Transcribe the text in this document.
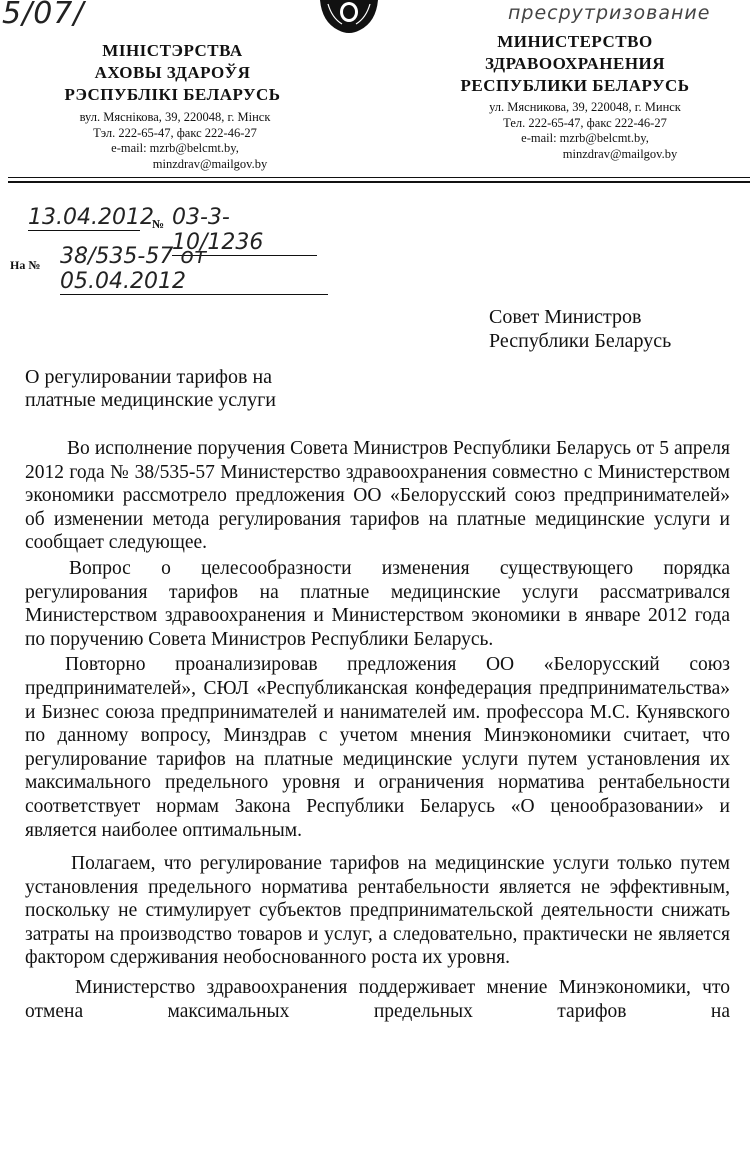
5/07/	пресрутризование
МІНІСТЭРСТВА
АХОВЫ ЗДАРОЎЯ
РЭСПУБЛІКІ БЕЛАРУСЬ
вул. Мяснікова, 39, 220048, г. Мінск
Тэл. 222-65-47, факс 222-46-27
e-mail: mzrb@belcmt.by,
minzdrav@mailgov.by
МИНИСТЕРСТВО
ЗДРАВООХРАНЕНИЯ
РЕСПУБЛИКИ БЕЛАРУСЬ
ул. Мясникова, 39, 220048, г. Минск
Тел. 222-65-47, факс 222-46-27
e-mail: mzrb@belcmt.by,
minzdrav@mailgov.by
13.04.2012
№ 03-3-10/1236
На № 38/535-57 от 05.04.2012
Совет Министров
Республики Беларусь
О регулировании тарифов на
платные медицинские услуги

Во исполнение поручения Совета Министров Республики Беларусь от 5 апреля 2012 года № 38/535-57 Министерство здравоохранения совместно с Министерством экономики рассмотрело предложения ОО «Белорусский союз предпринимателей» об изменении метода регулирования тарифов на платные медицинские услуги и сообщает следующее.

Вопрос о целесообразности изменения существующего порядка регулирования тарифов на платные медицинские услуги рассматривался Министерством здравоохранения и Министерством экономики в январе 2012 года по поручению Совета Министров Республики Беларусь.

Повторно проанализировав предложения ОО «Белорусский союз предпринимателей», СЮЛ «Республиканская конфедерация предпринимательства» и Бизнес союза предпринимателей и нанимателей им. профессора М.С. Кунявского по данному вопросу, Минздрав с учетом мнения Минэкономики считает, что регулирование тарифов на платные медицинские услуги путем установления их максимального предельного уровня и ограничения норматива рентабельности соответствует нормам Закона Республики Беларусь «О ценообразовании» и является наиболее оптимальным.

Полагаем, что регулирование тарифов на медицинские услуги только путем установления предельного норматива рентабельности является не эффективным, поскольку не стимулирует субъектов предпринимательской деятельности снижать затраты на производство товаров и услуг, а следовательно, практически не является фактором сдерживания необоснованного роста их уровня.

Министерство здравоохранения поддерживает мнение Минэкономики, что отмена максимальных предельных тарифов на
